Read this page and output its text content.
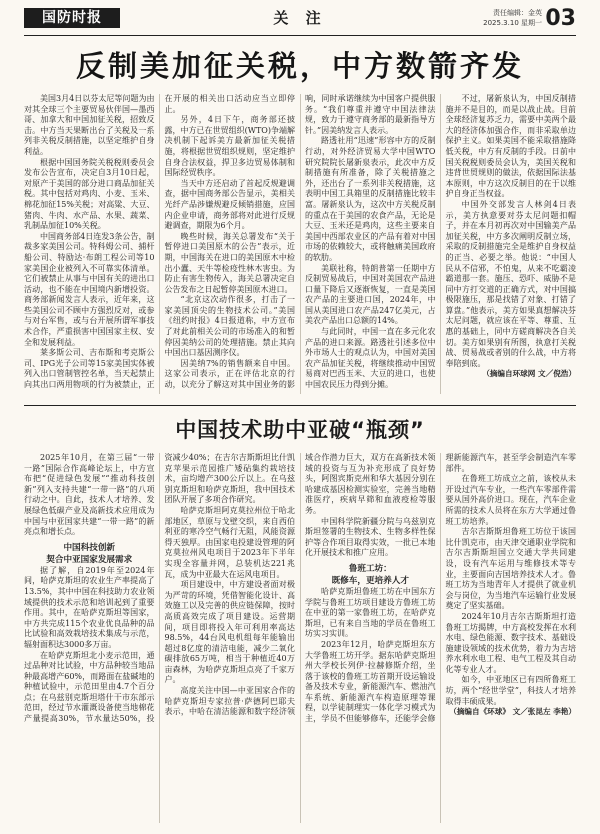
国防时报	关 注	责任编辑：金英
2025.3.10 星期一 03
反制美加征关税，中方数箭齐发

美国3月4日以芬太尼等问题为由对其全球三个主要贸易伙伴国—墨西哥、加拿大和中国加征关税，招致反击。中方当天果断出台了关税及一系列非关税反制措施，以坚定维护自身利益。

根据中国国务院关税税则委员会发布公告宣布，决定自3月10日起，对原产于美国的部分进口商品加征关税。其中包括对鸡肉、小麦、玉米、棉花加征15%关税；对高粱、大豆、猪肉、牛肉、水产品、水果、蔬菜、乳制品加征10%关税。

中国商务部4日连发3条公告，制裁多家美国公司。特科姆公司、捕杆船公司、特励达·布朗工程公司等10家美国企业被列入不可靠实体清单。它们被禁止从事与中国有关的进出口活动，也不能在中国境内新增投资。商务部新闻发言人表示，近年来，这些美国公司不顾中方强烈反对，或参与对台军售，或与台开展所谓军事技术合作，严重损害中国国家主权、安全和发展利益。

莱多斯公司、吉布斯和考克斯公司、IPG光子公司等15家美国实体被列入出口管制管控名单，当天起禁止向其出口两用物项的行为被禁止，正在开展的相关出口活动应当立即停止。

另外，4日下午，商务部还披露，中方已在世贸组织(WTO)争端解决机制下起诉美方最新加征关税措施，将根据世贸组织规则，坚定维护自身合法权益，捍卫多边贸易体制和国际经贸秩序。

当天中方还启动了首起反规避调查，据中国商务部公告显示，美相关光纤产品涉嫌规避反倾销措施，应国内企业申请，商务部将对此进行反规避调查，期限为6个月。

晚些时候，海关总署发布“关于暂停进口美国原木的公告”表示，近期，中国海关在进口的美国原木中检出小蠹、天牛等检疫性林木害虫。为防止有害生物传入，海关总署决定自公告发布之日起暂停美国原木进口。

“北京这次动作很多，打击了一家美国顶尖的生物技术公司。”美国《纽约时报》4日报道称，中方宣布了对此前相关公司的市场准入的和暂停因美纳公司的处理措施。禁止其向中国出口基因测序仪。

因美纳7%的销售额来自中国。这家公司表示，正在评估北京的行动，以充分了解这对其中国业务的影响，同时承诺继续为中国客户提供服务。“我们尊重并遵守中国法律法规，致力于遵守商务部的最新指导方针。”因美纳发言人表示。

路透社用“迅速”形容中方的反制行动，对外经济贸易大学中国WTO研究院院长屠新泉表示，此次中方反制措施有所准备，除了关税措施之外，还出台了一系列非关税措施，这表明中国工具箱里的反制措施比较丰富。屠新泉认为，这次中方关税反制的重点在于美国的农食产品，无论是大豆、玉米还是鸡肉，这些主要来自美国中西部农业区的产品有着对中国市场的依赖较大，或将触痛美国政府的软肋。

美联社称，特朗普第一任期中方反制贸易战后，中国对美国农产品进口量下降后又逐渐恢复，一直是美国农产品的主要进口国，2024年，中国从美国进口农产品247亿美元，占美农产品出口总额的14%。

与此同时，中国一直在多元化农产品的进口来源。路透社引述多位中外市场人士的观点认为，中国对美国农产品加征关税，将继续推动中国贸易商对巴西玉米、大豆的进口，也使中国农民压力得到分摊。

不过，屠新泉认为，中国反制措施并不是目的，而是以战止战。目前全球经济复苏乏力，需要中美两个最大的经济体加强合作，而非采取单边保护主义。如果美国不能采取措施降低关税，中方有反制的手段。日前中国关税税则委员会认为，美国关税和违背世贸规则的做法，依据国际法基本原则，中方这次反制目的在于以维护自身正当权益。

中国外交部发言人林剑4日表示，美方执意要对芬太尼问题扣帽子，并在本月初再次对中国输美产品加征关税，中方多次阐明反制立场，采取的反制措施完全是维护自身权益的正当、必要之举。他说：“中国人民从不信邪，不怕鬼，从来不吃霸凌霸道那一套。施压、恐吓、威胁不是同中方打交道的正确方式，对中国搞极限施压，那是找错了对象、打错了算盘。”他表示，美方如果真想解决芬太尼问题，就应该在平等、尊重、互惠的基础上，同中方磋商解决各自关切。美方如果别有所图，执意打关税战、贸易战或者别的什么战，中方将奉陪到底。

（摘编自环球网 文／倪浩）

中国技术助中亚破“瓶颈”

2025年10月，在第三届“一带一路”国际合作高峰论坛上，中方宣布把“促进绿色发展”“推动科技创新”列入支持共建“一带一路”的八项行动之中。自此，技术人才培养、发展绿色低碳产业及高新技术应用成为中国与中亚国家共建“一带一路”的新亮点和增长点。

中国科技创新
契合中亚国家发展需求

据了解，自2019年至2024年间，哈萨克斯坦的农业生产率提高了13.5%，其中中国在科技助力农业领域提供的技术示范和培训起到了重要作用。其中，在哈萨克斯坦等国家，中方共完成115个农业优良品种的品比试验和高效栽培技术集成与示范，辐射面积达3000多万亩。

在哈萨克斯坦北小麦示范田，通过品种对比试验，中方品种较当地品种最高增产60%，而路面在盐碱地的种植试验中，示范田里由4.7个百分点；在乌兹别克斯坦塔什干市东部示范田，经过节水灌溉设备使当地棉花产量提高30%，节水量达50%，投资减少40%；在吉尔吉斯斯坦比什凯克苹果示范园推广矮砧集约栽培技术，亩均增产300公斤以上。在乌兹别克斯坦和哈萨克斯坦，我中国技术团队开展了多项合作研究。

哈萨克斯坦阿克莫拉州位于哈北部地区，草原与戈壁交织，来自西伯利亚的寒冷空气畅行无阻，风能资源得天独厚。由国家电投建设管理的阿克莫拉州风电项目于2023年下半年实现全容量并网，总装机达221兆瓦，成为中亚最大在运风电项目。

项目建设中，中方建设者面对极为严苛的环境，凭借智能化设计、高效施工以及完善的供应链保障，按时高质高效完成了项目建设。运营期间，项目即将投入年可利用率高达98.5%，44台风电机组每年能输出超过8亿度的清洁电能，减少二氧化碳排放65万吨，相当于种植近40万亩森林，为哈萨克斯坦点亮了千家万户。

高度关注中国—中亚国家合作的哈萨克斯坦专家拉普·萨德阿巴耶夫表示，中哈在清洁能源和数字经济领域合作潜力巨大，双方在高新技术领域的投资与互为补充形成了良好势头，阿图宾斯克州和华大基因分别在哈建成基因检测实验室，完善当地精准医疗，疾病早筛和血液疫检等服务。

中国科学院新疆分院与乌兹别克斯坦签署的生物技术、生物多样性保护等合作项目取得实效，一批已本地化开展技术和推广应用。

鲁班工坊：
既修车，更培养人才

哈萨克斯坦鲁班工坊在中国东方学院与鲁班工坊项目建设方鲁班工坊在中亚的第一家鲁班工坊，在哈萨克斯坦，已有来自当地的学员在鲁班工坊实习实训。

2023年12月，哈萨克斯坦东方大学鲁班工坊开学。据东哈萨克斯坦州大学校长列伊·拉赫修斯介绍，坐落于该校的鲁班工坊首期开设运输设备及技术专业，新能源汽车、燃油汽车系统、新能源汽车构造原理等课程，以学徒制理实一体化学习模式为主，学员不但能够修车，还能学会修理新能源汽车，甚至学会制造汽车零部件。

在鲁班工坊成立之前，该校从未开设过汽车专业，一些汽车零部件需要从国外高价进口。现在，汽车企业所需的技术人员将在东方大学通过鲁班工坊培养。

吉尔吉斯斯坦鲁班工坊位于该国比什凯克市，由天津交通职业学院和吉尔吉斯斯坦国立交通大学共同建设，设有汽车运用与维修技术等专业，主要面向吉国培养技术人才。鲁班工坊为当地青年人才提供了就业机会与岗位，为当地汽车运输行业发展奠定了坚实基础。

2024年10月吉尔吉斯斯坦打造鲁班工坊揭牌，中方高校发挥在水利水电、绿色能源、数字技术、基础设施建设领域的技术优势，着力为吉培养水利水电工程、电气工程及其自动化等专业人才。

如今，中亚地区已有四所鲁班工坊，两个“经世学堂”，科技人才培养取得丰硕成果。

（摘编自《环球》 文／张昆左 李艳）
